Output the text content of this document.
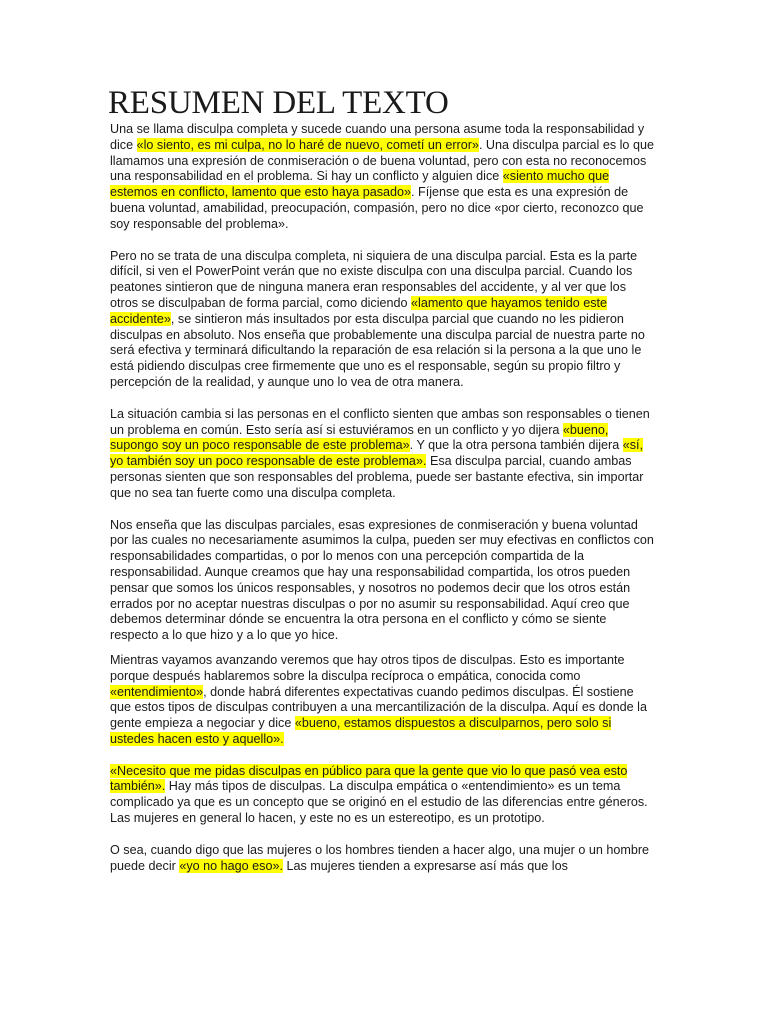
RESUMEN DEL TEXTO

Una se llama disculpa completa y sucede cuando una persona asume toda la responsabilidad y dice «lo siento, es mi culpa, no lo haré de nuevo, cometí un error». Una disculpa parcial es lo que llamamos una expresión de conmiseración o de buena voluntad, pero con esta no reconocemos una responsabilidad en el problema. Si hay un conflicto y alguien dice «siento mucho que estemos en conflicto, lamento que esto haya pasado». Fíjense que esta es una expresión de buena voluntad, amabilidad, preocupación, compasión, pero no dice «por cierto, reconozco que soy responsable del problema».

Pero no se trata de una disculpa completa, ni siquiera de una disculpa parcial. Esta es la parte difícil, si ven el PowerPoint verán que no existe disculpa con una disculpa parcial. Cuando los peatones sintieron que de ninguna manera eran responsables del accidente, y al ver que los otros se disculpaban de forma parcial, como diciendo «lamento que hayamos tenido este accidente», se sintieron más insultados por esta disculpa parcial que cuando no les pidieron disculpas en absoluto. Nos enseña que probablemente una disculpa parcial de nuestra parte no será efectiva y terminará dificultando la reparación de esa relación si la persona a la que uno le está pidiendo disculpas cree firmemente que uno es el responsable, según su propio filtro y percepción de la realidad, y aunque uno lo vea de otra manera.

La situación cambia si las personas en el conflicto sienten que ambas son responsables o tienen un problema en común. Esto sería así si estuviéramos en un conflicto y yo dijera «bueno, supongo soy un poco responsable de este problema». Y que la otra persona también dijera «sí, yo también soy un poco responsable de este problema». Esa disculpa parcial, cuando ambas personas sienten que son responsables del problema, puede ser bastante efectiva, sin importar que no sea tan fuerte como una disculpa completa.

Nos enseña que las disculpas parciales, esas expresiones de conmiseración y buena voluntad por las cuales no necesariamente asumimos la culpa, pueden ser muy efectivas en conflictos con responsabilidades compartidas, o por lo menos con una percepción compartida de la responsabilidad. Aunque creamos que hay una responsabilidad compartida, los otros pueden pensar que somos los únicos responsables, y nosotros no podemos decir que los otros están errados por no aceptar nuestras disculpas o por no asumir su responsabilidad. Aquí creo que debemos determinar dónde se encuentra la otra persona en el conflicto y cómo se siente respecto a lo que hizo y a lo que yo hice.

Mientras vayamos avanzando veremos que hay otros tipos de disculpas. Esto es importante porque después hablaremos sobre la disculpa recíproca o empática, conocida como «entendimiento», donde habrá diferentes expectativas cuando pedimos disculpas. Él sostiene que estos tipos de disculpas contribuyen a una mercantilización de la disculpa. Aquí es donde la gente empieza a negociar y dice «bueno, estamos dispuestos a disculparnos, pero solo si ustedes hacen esto y aquello».

«Necesito que me pidas disculpas en público para que la gente que vio lo que pasó vea esto también». Hay más tipos de disculpas. La disculpa empática o «entendimiento» es un tema complicado ya que es un concepto que se originó en el estudio de las diferencias entre géneros. Las mujeres en general lo hacen, y este no es un estereotipo, es un prototipo.

O sea, cuando digo que las mujeres o los hombres tienden a hacer algo, una mujer o un hombre puede decir «yo no hago eso». Las mujeres tienden a expresarse así más que los
